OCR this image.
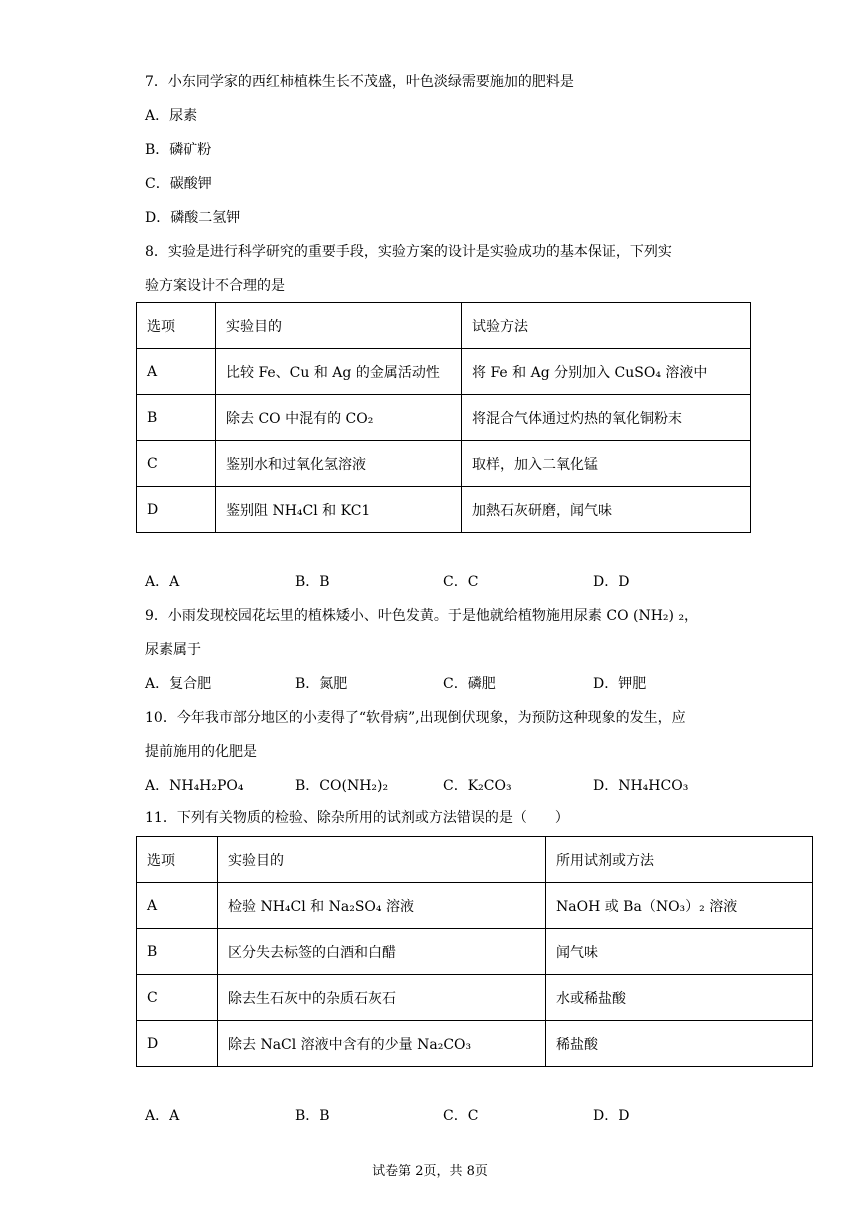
7．小东同学家的西红柿植株生长不茂盛，叶色淡绿需要施加的肥料是
A．尿素
B．磷矿粉
C．碳酸钾
D．磷酸二氢钾
8．实验是进行科学研究的重要手段，实验方案的设计是实验成功的基本保证，下列实
验方案设计不合理的是
选项	实验目的	试验方法
A	比较 Fe、Cu 和 Ag 的金属活动性	将 Fe 和 Ag 分别加入 CuSO₄ 溶液中
B	除去 CO 中混有的 CO₂	将混合气体通过灼热的氧化铜粉末
C	鉴别水和过氧化氢溶液	取样，加入二氧化锰
D	鉴别阻 NH₄Cl 和 KC1	加熱石灰研磨，闻气味
A．A	B．B	C．C	D．D
9．小雨发现校园花坛里的植株矮小、叶色发黄。于是他就给植物施用尿素 CO (NH₂) ₂，
尿素属于
A．复合肥	B．氮肥	C．磷肥	D．钾肥
10．今年我市部分地区的小麦得了“软骨病”,出现倒伏现象，为预防这种现象的发生，应
提前施用的化肥是
A．NH₄H₂PO₄	B．CO(NH₂)₂	C．K₂CO₃	D．NH₄HCO₃
11．下列有关物质的检验、除杂所用的试剂或方法错误的是（　　）
选项	实验目的	所用试剂或方法
A	检验 NH₄Cl 和 Na₂SO₄ 溶液	NaOH 或 Ba（NO₃）₂ 溶液
B	区分失去标签的白酒和白醋	闻气味
C	除去生石灰中的杂质石灰石	水或稀盐酸
D	除去 NaCl 溶液中含有的少量 Na₂CO₃	稀盐酸
A．A	B．B	C．C	D．D
试卷第 2页，共 8页
